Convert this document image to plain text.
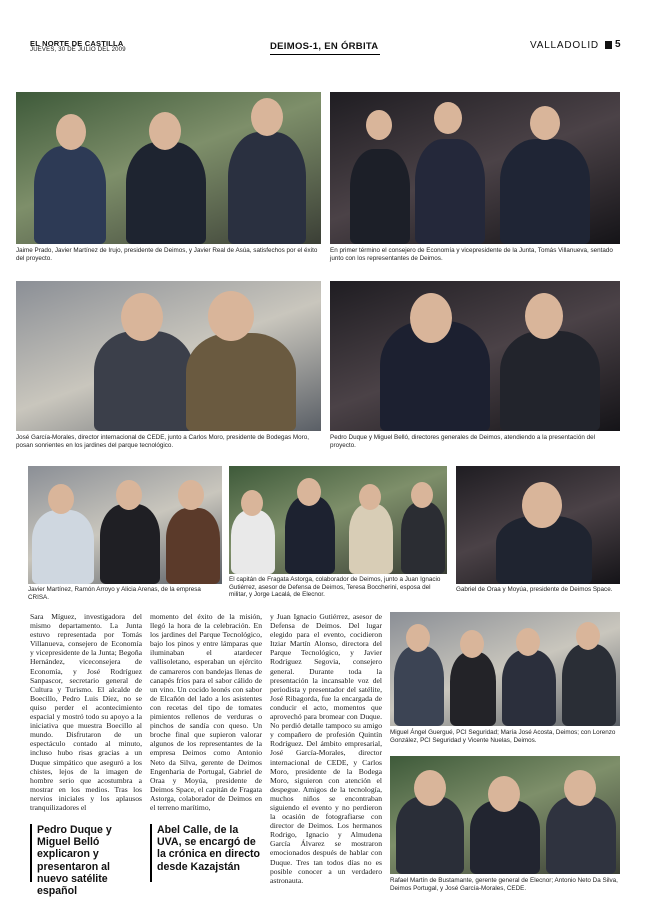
EL NORTE DE CASTILLA
JUEVES, 30 DE JULIO DEL 2009	DEIMOS-1, EN ÓRBITA	VALLADOLID 5
Jaime Prado, Javier Martínez de Irujo, presidente de Deimos, y Javier Real de Asúa, satisfechos por el éxito del proyecto.
En primer término el consejero de Economía y vicepresidente de la Junta, Tomás Villanueva, sentado junto con los representantes de Deimos.
José García-Morales, director internacional de CEDE, junto a Carlos Moro, presidente de Bodegas Moro, posan sonrientes en los jardines del parque tecnológico.
Pedro Duque y Miguel Belló, directores generales de Deimos, atendiendo a la presentación del proyecto.
Javier Martínez, Ramón Arroyo y Alicia Arenas, de la empresa CRISA.
El capitán de Fragata Astorga, colaborador de Deimos, junto a Juan Ignacio Gutiérrez, asesor de Defensa de Deimos, Teresa Boccherini, esposa del militar, y Jorge Lacalá, de Elecnor.
Gabriel de Oraa y Moyúa, presidente de Deimos Space.
Miguel Ángel Guergué, PCI Seguridad; María José Acosta, Deimos; con Lorenzo González, PCI Seguridad y Vicente Nuelas, Deimos.
Rafael Martín de Bustamante, gerente general de Elecnor; Antonio Neto Da Silva, Deimos Portugal, y José García-Morales, CEDE.
Sara Míguez, investigadora del mismo departamento. La Junta estuvo representada por Tomás Villanueva, consejero de Economía y vicepresidente de la Junta; Begoña Hernández, viceconsejera de Economía, y José Rodríguez Sanpascor, secretario general de Cultura y Turismo. El alcalde de Boecillo, Pedro Luis Díez, no se quiso perder el acontecimiento espacial y mostró todo su apoyo a la iniciativa que muestra Boecillo al mundo. Disfrutaron de un espectáculo contado al minuto, incluso hubo risas gracias a un Duque simpático que aseguró a los chistes, lejos de la imagen de hombre serio que acostumbra a mostrar en los medios. Tras los nervios iniciales y los aplausos tranquilizadores el
momento del éxito de la misión, llegó la hora de la celebración. En los jardines del Parque Tecnológico, bajo los pinos y entre lámparas que iluminaban el atardecer vallisoletano, esperaban un ejército de camareros con bandejas llenas de canapés fríos para el sabor cálido de un vino. Un cocido leonés con sabor de Elcañón del lado a los asistentes con recetas del tipo de tomates pimientos rellenos de verduras o pinchos de sandía con queso. Un broche final que supieron valorar algunos de los representantes de la empresa Deimos como Antonio Neto da Silva, gerente de Deimos Engenharia de Portugal, Gabriel de Oraa y Moyúa, presidente de Deimos Space, el capitán de Fragata Astorga, colaborador de Deimos en el terreno marítimo,
y Juan Ignacio Gutiérrez, asesor de Defensa de Deimos. Del lugar elegido para el evento, cocidieron Itziar Martín Alonso, directora del Parque Tecnológico, y Javier Rodríguez Segovia, consejero general. Durante toda la presentación la incansable voz del periodista y presentador del satélite, José Ribagorda, fue la encargada de conducir el acto, momentos que aprovechó para bromear con Duque. No perdió detalle tampoco su amigo y compañero de profesión Quintín Rodríguez. Del ámbito empresarial, José García-Morales, director internacional de CEDE, y Carlos Moro, presidente de la Bodega Moro, siguieron con atención el despegue. Amigos de la tecnología, muchos niños se encontraban siguiendo el evento y no perdieron la ocasión de fotografiarse con director de Deimos. Los hermanos Rodrigo, Ignacio y Almudena García Álvarez se mostraron emocionados después de hablar con Duque. Tres tan todos días no es posible conocer a un verdadero astronauta.
Pedro Duque y Miguel Belló explicaron y presentaron al nuevo satélite español
Abel Calle, de la UVA, se encargó de la crónica en directo desde Kazajstán
